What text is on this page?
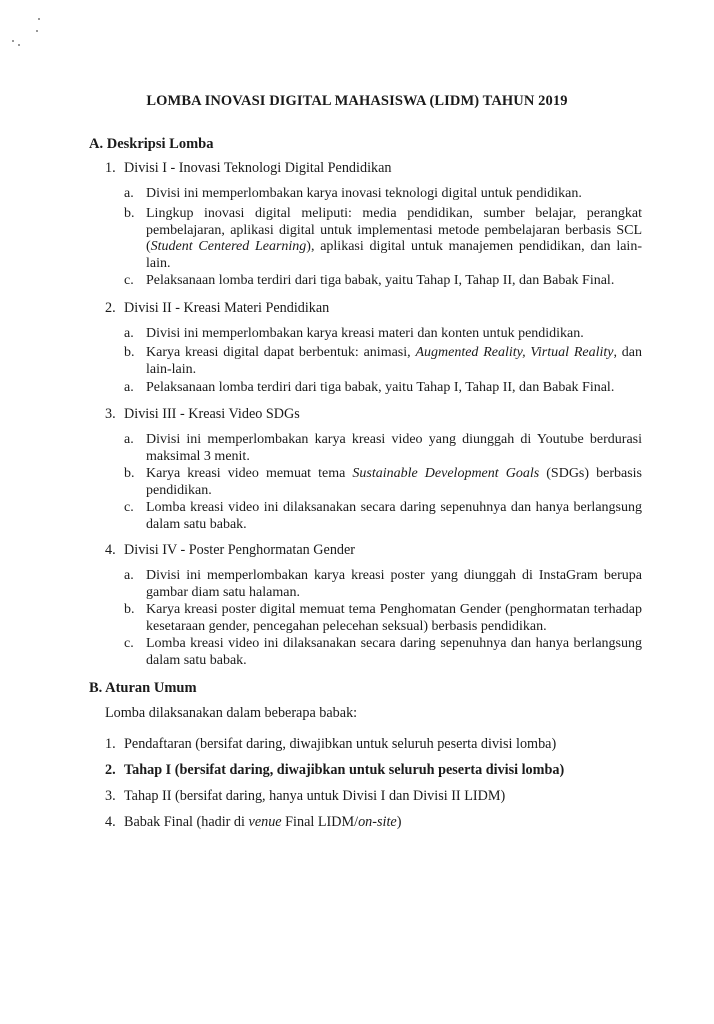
LOMBA INOVASI DIGITAL MAHASISWA (LIDM) TAHUN 2019
A. Deskripsi Lomba
1. Divisi I - Inovasi Teknologi Digital Pendidikan
a. Divisi ini memperlombakan karya inovasi teknologi digital untuk pendidikan.
b. Lingkup inovasi digital meliputi: media pendidikan, sumber belajar, perangkat pembelajaran, aplikasi digital untuk implementasi metode pembelajaran berbasis SCL (Student Centered Learning), aplikasi digital untuk manajemen pendidikan, dan lain-lain.
c. Pelaksanaan lomba terdiri dari tiga babak, yaitu Tahap I, Tahap II, dan Babak Final.
2. Divisi II - Kreasi Materi Pendidikan
a. Divisi ini memperlombakan karya kreasi materi dan konten untuk pendidikan.
b. Karya kreasi digital dapat berbentuk: animasi, Augmented Reality, Virtual Reality, dan lain-lain.
a. Pelaksanaan lomba terdiri dari tiga babak, yaitu Tahap I, Tahap II, dan Babak Final.
3. Divisi III - Kreasi Video SDGs
a. Divisi ini memperlombakan karya kreasi video yang diunggah di Youtube berdurasi maksimal 3 menit.
b. Karya kreasi video memuat tema Sustainable Development Goals (SDGs) berbasis pendidikan.
c. Lomba kreasi video ini dilaksanakan secara daring sepenuhnya dan hanya berlangsung dalam satu babak.
4. Divisi IV - Poster Penghormatan Gender
a. Divisi ini memperlombakan karya kreasi poster yang diunggah di InstaGram berupa gambar diam satu halaman.
b. Karya kreasi poster digital memuat tema Penghomatan Gender (penghormatan terhadap kesetaraan gender, pencegahan pelecehan seksual) berbasis pendidikan.
c. Lomba kreasi video ini dilaksanakan secara daring sepenuhnya dan hanya berlangsung dalam satu babak.
B. Aturan Umum
Lomba dilaksanakan dalam beberapa babak:
1. Pendaftaran (bersifat daring, diwajibkan untuk seluruh peserta divisi lomba)
2. Tahap I (bersifat daring, diwajibkan untuk seluruh peserta divisi lomba)
3. Tahap II (bersifat daring, hanya untuk Divisi I dan Divisi II LIDM)
4. Babak Final (hadir di venue Final LIDM/on-site)
